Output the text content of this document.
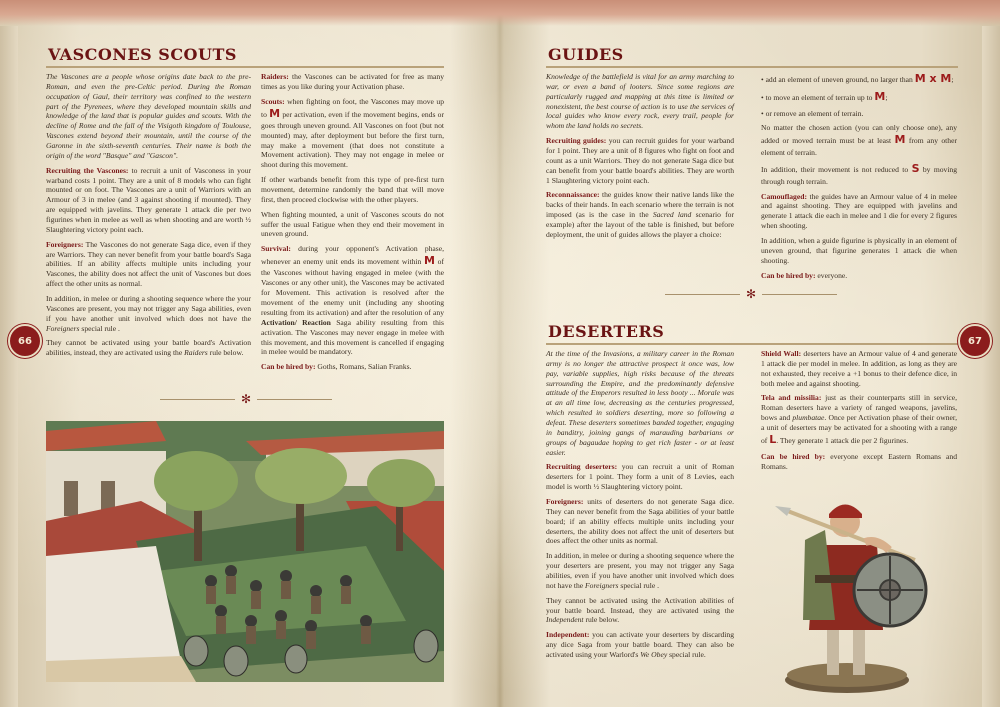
VASCONES SCOUTS

The Vascones are a people whose origins date back to the pre-Roman, and even the pre-Celtic period. During the Roman occupation of Gaul, their territory was confined to the western part of the Pyrenees, where they developed mountain skills and knowledge of the land that is popular guides and scouts. With the decline of Rome and the fall of the Visigoth kingdom of Toulouse, Vascones extend beyond their mountain, until the course of the Garonne in the sixth-seventh centuries. Their name is both the origin of the word "Basque" and "Gascon".

Recruiting the Vascones: to recruit a unit of Vasconess in your warband costs 1 point. They are a unit of 8 models who can fight mounted or on foot. The Vascones are a unit of Warriors with an Armour of 3 in melee (and 3 against shooting if mounted). They are equipped with javelins. They generate 1 attack die per two figurines when in melee as well as when shooting and are worth ½ Slaughtering victory point each.

Foreigners: The Vascones do not generate Saga dice, even if they are Warriors. They can never benefit from your battle board's Saga abilities. If an ability affects multiple units including your Vascones, the ability does not affect the unit of Vascones but does affect the other units as normal.

In addition, in melee or during a shooting sequence where the your Vascones are present, you may not trigger any Saga abilities, even if you have another unit involved which does not have the Foreigners special rule .

They cannot be activated using your battle board's Activation abilities, instead, they are activated using the Raiders rule below.

Raiders: the Vascones can be activated for free as many times as you like during your Activation phase.

Scouts: when fighting on foot, the Vascones may move up to M per activation, even if the movement begins, ends or goes through uneven ground. All Vascones on foot (but not mounted) may, after deployment but before the first turn, may make a movement (that does not constitute a Movement activation). They may not engage in melee or shoot during this movement.

If other warbands benefit from this type of pre-first turn movement, determine randomly the band that will move first, then proceed clockwise with the other players.

When fighting mounted, a unit of Vascones scouts do not suffer the usual Fatigue when they end their movement in uneven ground.

Survival: during your opponent's Activation phase, whenever an enemy unit ends its movement within M of the Vascones without having engaged in melee (with the Vascones or any other unit), the Vascones may be activated for Movement. This activation is resolved after the movement of the enemy unit (including any shooting resulting from its activation) and after the resolution of any Activation/ Reaction Saga ability resulting from this activation. The Vascones may never engage in melee with this movement, and this movement is cancelled if engaging in melee would be mandatory.

Can be hired by: Goths, Romans, Salian Franks.

66
✻
GUIDES

Knowledge of the battlefield is vital for an army marching to war, or even a band of looters. Since some regions are particularly rugged and mapping at this time is limited or nonexistent, the best course of action is to use the services of local guides who know every rock, every trail, people for whom the land holds no secrets.

Recruiting guides: you can recruit guides for your warband for 1 point. They are a unit of 8 figures who fight on foot and count as a unit Warriors. They do not generate Saga dice but can benefit from your battle board's abilities. They are worth 1 Slaughtering victory point each.

Reconnaissance: the guides know their native lands like the backs of their hands. In each scenario where the terrain is not imposed (as is the case in the Sacred land scenario for example) after the layout of the table is finished, but before deployment, the unit of guides allows the player a choice:

• add an element of uneven ground, no larger than M x M;
• to move an element of terrain up to M;
• or remove an element of terrain.

No matter the chosen action (you can only choose one), any added or moved terrain must be at least M from any other element of terrain.

In addition, their movement is not reduced to S by moving through rough terrain.

Camouflaged: the guides have an Armour value of 4 in melee and against shooting. They are equipped with javelins and generate 1 attack die each in melee and 1 die for every 2 figures when shooting.

In addition, when a guide figurine is physically in an element of uneven ground, that figurine generates 1 attack die when shooting.

Can be hired by: everyone.

✻
DESERTERS	67

At the time of the Invasions, a military career in the Roman army is no longer the attractive prospect it once was, low pay, variable supplies, high risks because of the threats surrounding the Empire, and the predominantly defensive attitude of the Emperors resulted in less booty ... Morale was at an all time low, decreasing as the centuries progressed, which resulted in soldiers deserting, more so following a defeat. These deserters sometimes banded together, engaging in banditry, joining gangs of marauding barbarians or groups of bagaudae hoping to get rich faster - or at least easier.

Recruiting deserters: you can recruit a unit of Roman deserters for 1 point. They form a unit of 8 Levies, each model is worth ½ Slaughtering victory point.

Foreigners: units of deserters do not generate Saga dice. They can never benefit from the Saga abilities of your battle board; if an ability effects multiple units including your deserters, the ability does not affect the unit of deserters but does affect the other units as normal.

In addition, in melee or during a shooting sequence where the your deserters are present, you may not trigger any Saga abilities, even if you have another unit involved which does not have the Foreigners special rule .

They cannot be activated using the Activation abilities of your battle board. Instead, they are activated using the Independent rule below.

Independent: you can activate your deserters by discarding any dice Saga from your battle board. They can also be activated using your Warlord's We Obey special rule.

Shield Wall: deserters have an Armour value of 4 and generate 1 attack die per model in melee. In addition, as long as they are not exhausted, they receive a +1 bonus to their defence dice, in both melee and against shooting.

Tela and missilia: just as their counterparts still in service, Roman deserters have a variety of ranged weapons, javelins, bows and plumbatae. Once per Activation phase of their owner, a unit of deserters may be activated for a shooting with a range of L. They generate 1 attack die per 2 figurines.

Can be hired by: everyone except Eastern Romans and Romans.
